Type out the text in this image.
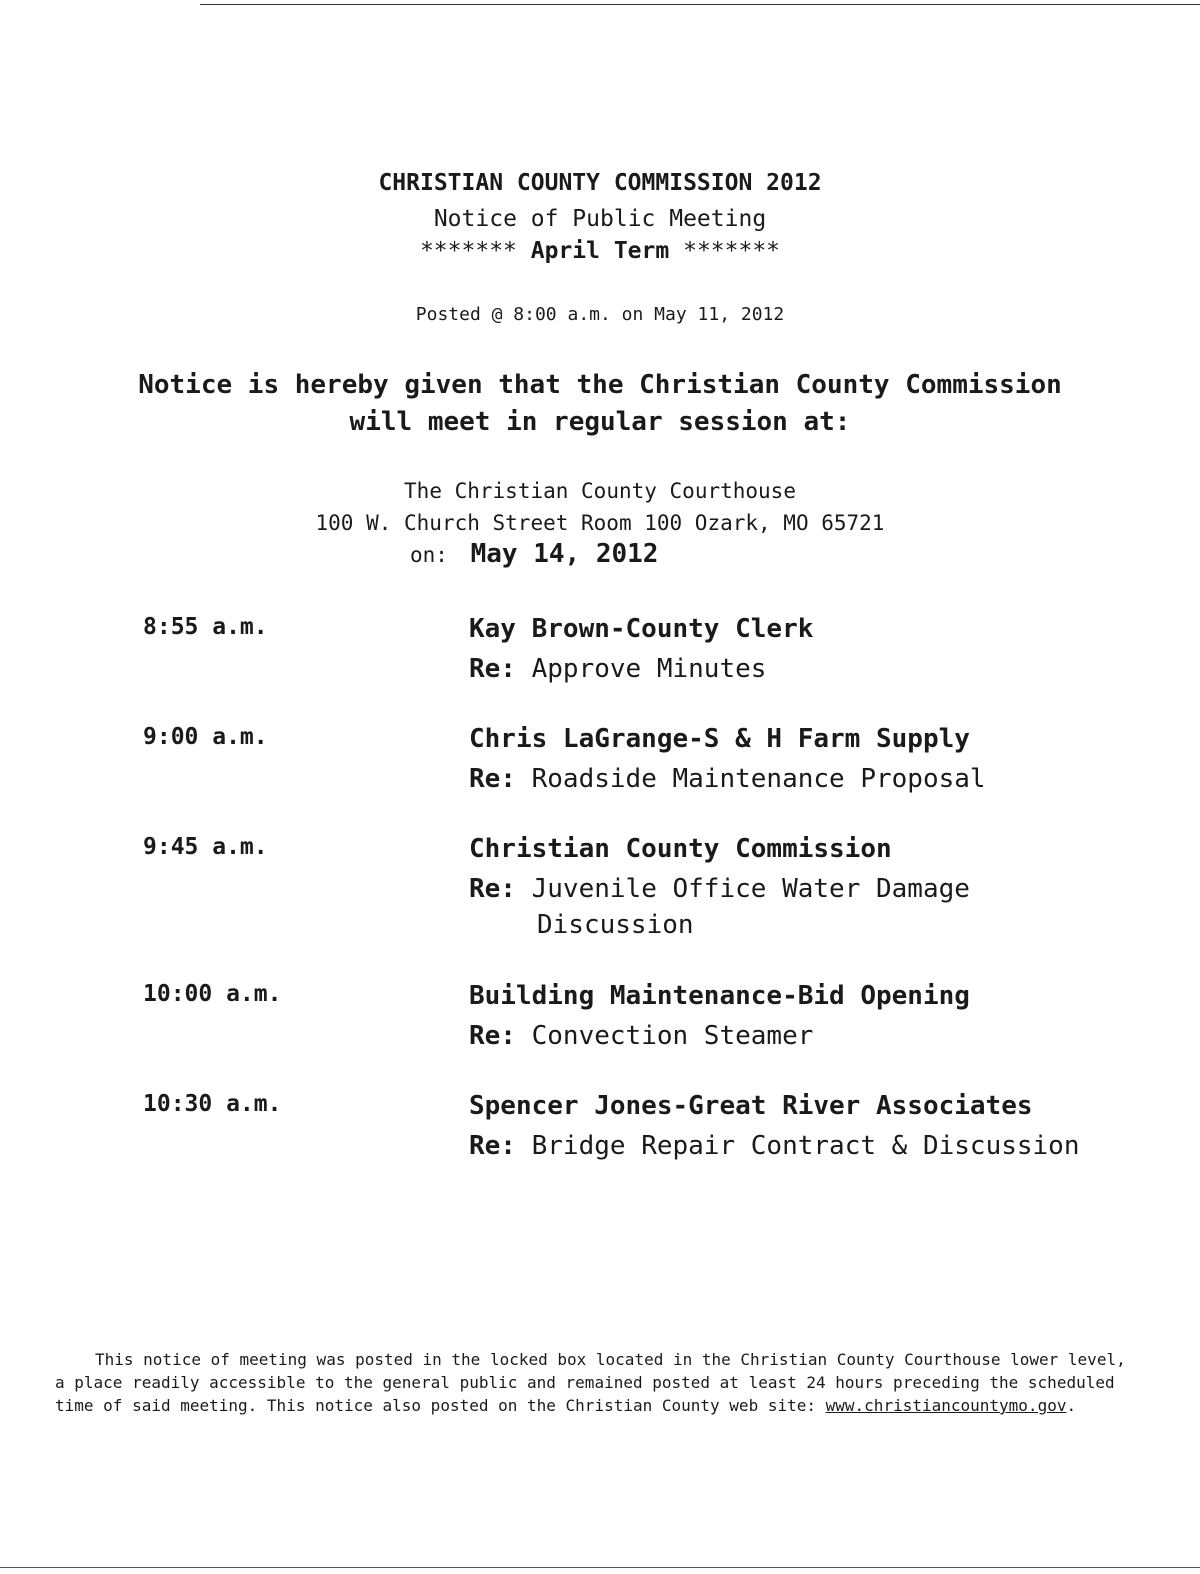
CHRISTIAN COUNTY COMMISSION 2012
Notice of Public Meeting
******* April Term *******
Posted @ 8:00 a.m. on May 11, 2012
Notice is hereby given that the Christian County Commission
will meet in regular session at:
The Christian County Courthouse
100 W. Church Street Room 100 Ozark, MO 65721
on: May 14, 2012
8:55 a.m.	Kay Brown-County Clerk
Re: Approve Minutes
9:00 a.m.	Chris LaGrange-S & H Farm Supply
Re: Roadside Maintenance Proposal
9:45 a.m.	Christian County Commission
Re: Juvenile Office Water Damage
Discussion
10:00 a.m.	Building Maintenance-Bid Opening
Re: Convection Steamer
10:30 a.m.	Spencer Jones-Great River Associates
Re: Bridge Repair Contract & Discussion
This notice of meeting was posted in the locked box located in the Christian County Courthouse lower level, a place readily accessible to the general public and remained posted at least 24 hours preceding the scheduled time of said meeting. This notice also posted on the Christian County web site: www.christiancountymo.gov.
